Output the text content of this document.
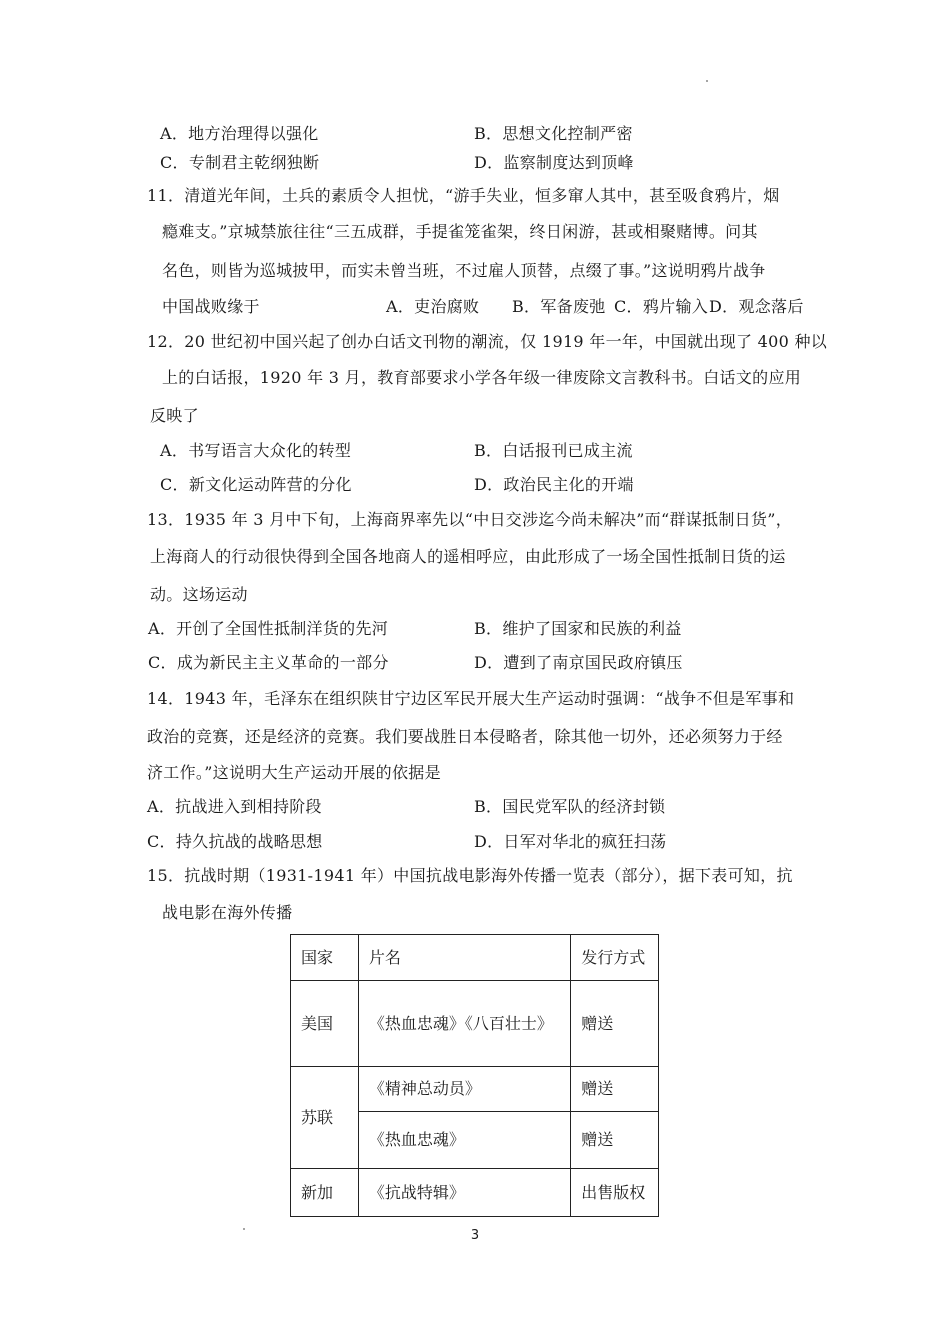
A．地方治理得以强化	B．思想文化控制严密
C．专制君主乾纲独断	D．监察制度达到顶峰
11．清道光年间，土兵的素质令人担忧，“游手失业，恒多窜人其中，甚至吸食鸦片，烟
瘾难支。”京城禁旅往往“三五成群，手提雀笼雀架，终日闲游，甚或相聚赌博。问其
名色，则皆为巡城披甲，而实未曾当班，不过雇人顶替，点缀了事。”这说明鸦片战争
中国战败缘于	A．吏治腐败 B．军备废弛 C．鸦片输入 D．观念落后
12．20 世纪初中国兴起了创办白话文刊物的潮流，仅 1919 年一年，中国就出现了 400 种以
上的白话报，1920 年 3 月，教育部要求小学各年级一律废除文言教科书。白话文的应用
反映了
A．书写语言大众化的转型	B．白话报刊已成主流
C．新文化运动阵营的分化	D．政治民主化的开端
13．1935 年 3 月中下旬，上海商界率先以“中日交涉迄今尚未解决”而“群谋抵制日货”，
上海商人的行动很快得到全国各地商人的遥相呼应，由此形成了一场全国性抵制日货的运
动。这场运动
A．开创了全国性抵制洋货的先河	B．维护了国家和民族的利益
C．成为新民主主义革命的一部分	D．遭到了南京国民政府镇压
14．1943 年，毛泽东在组织陕甘宁边区军民开展大生产运动时强调：“战争不但是军事和
政治的竞赛，还是经济的竞赛。我们要战胜日本侵略者，除其他一切外，还必须努力于经
济工作。”这说明大生产运动开展的依据是
A．抗战进入到相持阶段	B．国民党军队的经济封锁
C．持久抗战的战略思想	D．日军对华北的疯狂扫荡
15．抗战时期（1931-1941 年）中国抗战电影海外传播一览表（部分），据下表可知，抗
战电影在海外传播
国家	片名	发行方式
美国	《热血忠魂》《八百壮士》	赠送
苏联	《精神总动员》	赠送
	《热血忠魂》	赠送
新加	《抗战特辑》	出售版权
3
